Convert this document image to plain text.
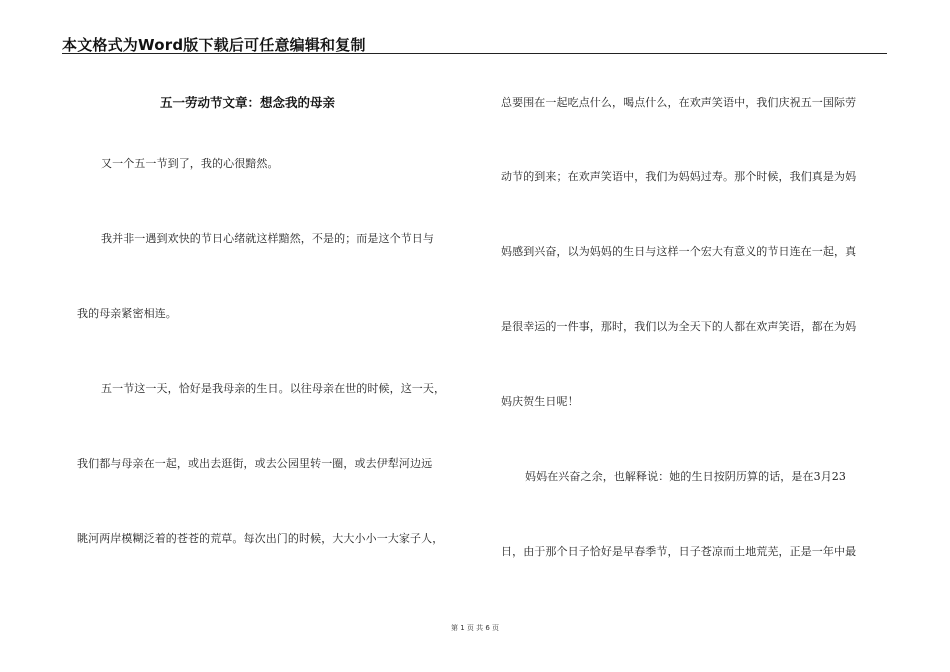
本文格式为Word版下载后可任意编辑和复制
五一劳动节文章：想念我的母亲
又一个五一节到了，我的心很黯然。
我并非一遇到欢快的节日心绪就这样黯然，不是的；而是这个节日与
我的母亲紧密相连。
五一节这一天，恰好是我母亲的生日。以往母亲在世的时候，这一天，
我们都与母亲在一起，或出去逛街，或去公园里转一圈，或去伊犁河边远
眺河两岸模糊泛着的苍苍的荒草。每次出门的时候，大大小小一大家子人，
总要围在一起吃点什么，喝点什么，在欢声笑语中，我们庆祝五一国际劳
动节的到来；在欢声笑语中，我们为妈妈过寿。那个时候，我们真是为妈
妈感到兴奋，以为妈妈的生日与这样一个宏大有意义的节日连在一起，真
是很幸运的一件事，那时，我们以为全天下的人都在欢声笑语，都在为妈
妈庆贺生日呢！
妈妈在兴奋之余，也解释说：她的生日按阴历算的话，是在3月23
日，由于那个日子恰好是早春季节，日子苍凉而土地荒芜，正是一年中最
第 1 页 共 6 页
